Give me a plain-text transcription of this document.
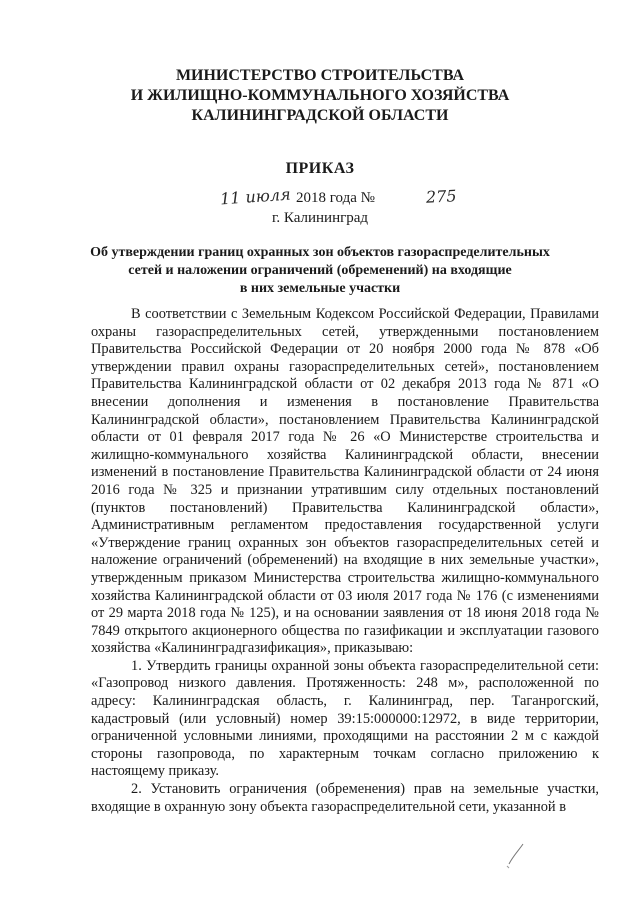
МИНИСТЕРСТВО СТРОИТЕЛЬСТВА
И ЖИЛИЩНО-КОММУНАЛЬНОГО ХОЗЯЙСТВА
КАЛИНИНГРАДСКОЙ ОБЛАСТИ
ПРИКАЗ
11 июля 2018 года №	275
г. Калининград
Об утверждении границ охранных зон объектов газораспределительных
сетей и наложении ограничений (обременений) на входящие
в них земельные участки

В соответствии с Земельным Кодексом Российской Федерации, Правилами охраны газораспределительных сетей, утвержденными постановлением Правительства Российской Федерации от 20 ноября 2000 года № 878 «Об утверждении правил охраны газораспределительных сетей», постановлением Правительства Калининградской области от 02 декабря 2013 года № 871 «О внесении дополнения и изменения в постановление Правительства Калининградской области», постановлением Правительства Калининградской области от 01 февраля 2017 года № 26 «О Министерстве строительства и жилищно-коммунального хозяйства Калининградской области, внесении изменений в постановление Правительства Калининградской области от 24 июня 2016 года № 325 и признании утратившим силу отдельных постановлений (пунктов постановлений) Правительства Калининградской области», Административным регламентом предоставления государственной услуги «Утверждение границ охранных зон объектов газораспределительных сетей и наложение ограничений (обременений) на входящие в них земельные участки», утвержденным приказом Министерства строительства жилищно-коммунального хозяйства Калининградской области от 03 июля 2017 года № 176 (с изменениями от 29 марта 2018 года № 125), и на основании заявления от 18 июня 2018 года № 7849 открытого акционерного общества по газификации и эксплуатации газового хозяйства «Калининградгазификация», приказываю:

1. Утвердить границы охранной зоны объекта газораспределительной сети: «Газопровод низкого давления. Протяженность: 248 м», расположенной по адресу: Калининградская область, г. Калининград, пер. Таганрогский, кадастровый (или условный) номер 39:15:000000:12972, в виде территории, ограниченной условными линиями, проходящими на расстоянии 2 м с каждой стороны газопровода, по характерным точкам согласно приложению к настоящему приказу.

2. Установить ограничения (обременения) прав на земельные участки, входящие в охранную зону объекта газораспределительной сети, указанной в
